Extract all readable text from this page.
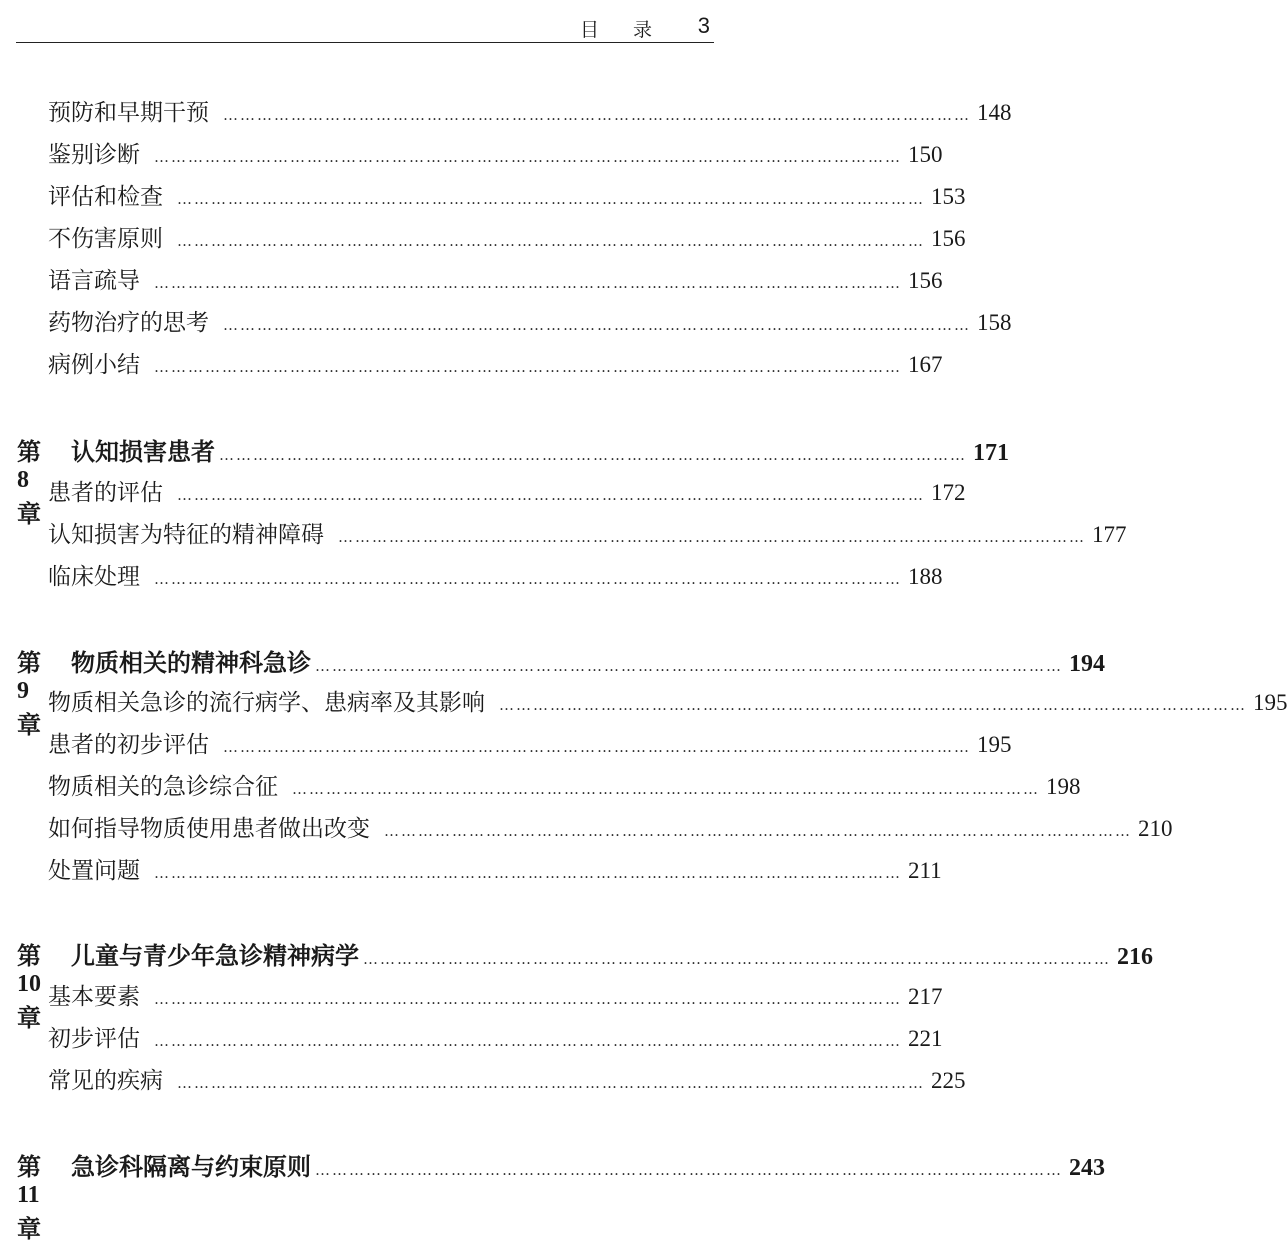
目 录 3
预防和早期干预 …………………………………………………………………………………………………………………… 148
鉴别诊断 …………………………………………………………………………………………………………………… 150
评估和检查 …………………………………………………………………………………………………………………… 153
不伤害原则 …………………………………………………………………………………………………………………… 156
语言疏导 …………………………………………………………………………………………………………………… 156
药物治疗的思考 …………………………………………………………………………………………………………………… 158
病例小结 …………………………………………………………………………………………………………………… 167
第 8 章
认知损害患者 …………………………………………………………………………………………………………………… 171
患者的评估 …………………………………………………………………………………………………………………… 172
认知损害为特征的精神障碍 …………………………………………………………………………………………………………………… 177
临床处理 …………………………………………………………………………………………………………………… 188
第 9 章
物质相关的精神科急诊 …………………………………………………………………………………………………………………… 194
物质相关急诊的流行病学、患病率及其影响 …………………………………………………………………………………………………………………… 195
患者的初步评估 …………………………………………………………………………………………………………………… 195
物质相关的急诊综合征 …………………………………………………………………………………………………………………… 198
如何指导物质使用患者做出改变 …………………………………………………………………………………………………………………… 210
处置问题 …………………………………………………………………………………………………………………… 211
第 10 章
儿童与青少年急诊精神病学 …………………………………………………………………………………………………………………… 216
基本要素 …………………………………………………………………………………………………………………… 217
初步评估 …………………………………………………………………………………………………………………… 221
常见的疾病 …………………………………………………………………………………………………………………… 225
第 11 章
急诊科隔离与约束原则 …………………………………………………………………………………………………………………… 243
